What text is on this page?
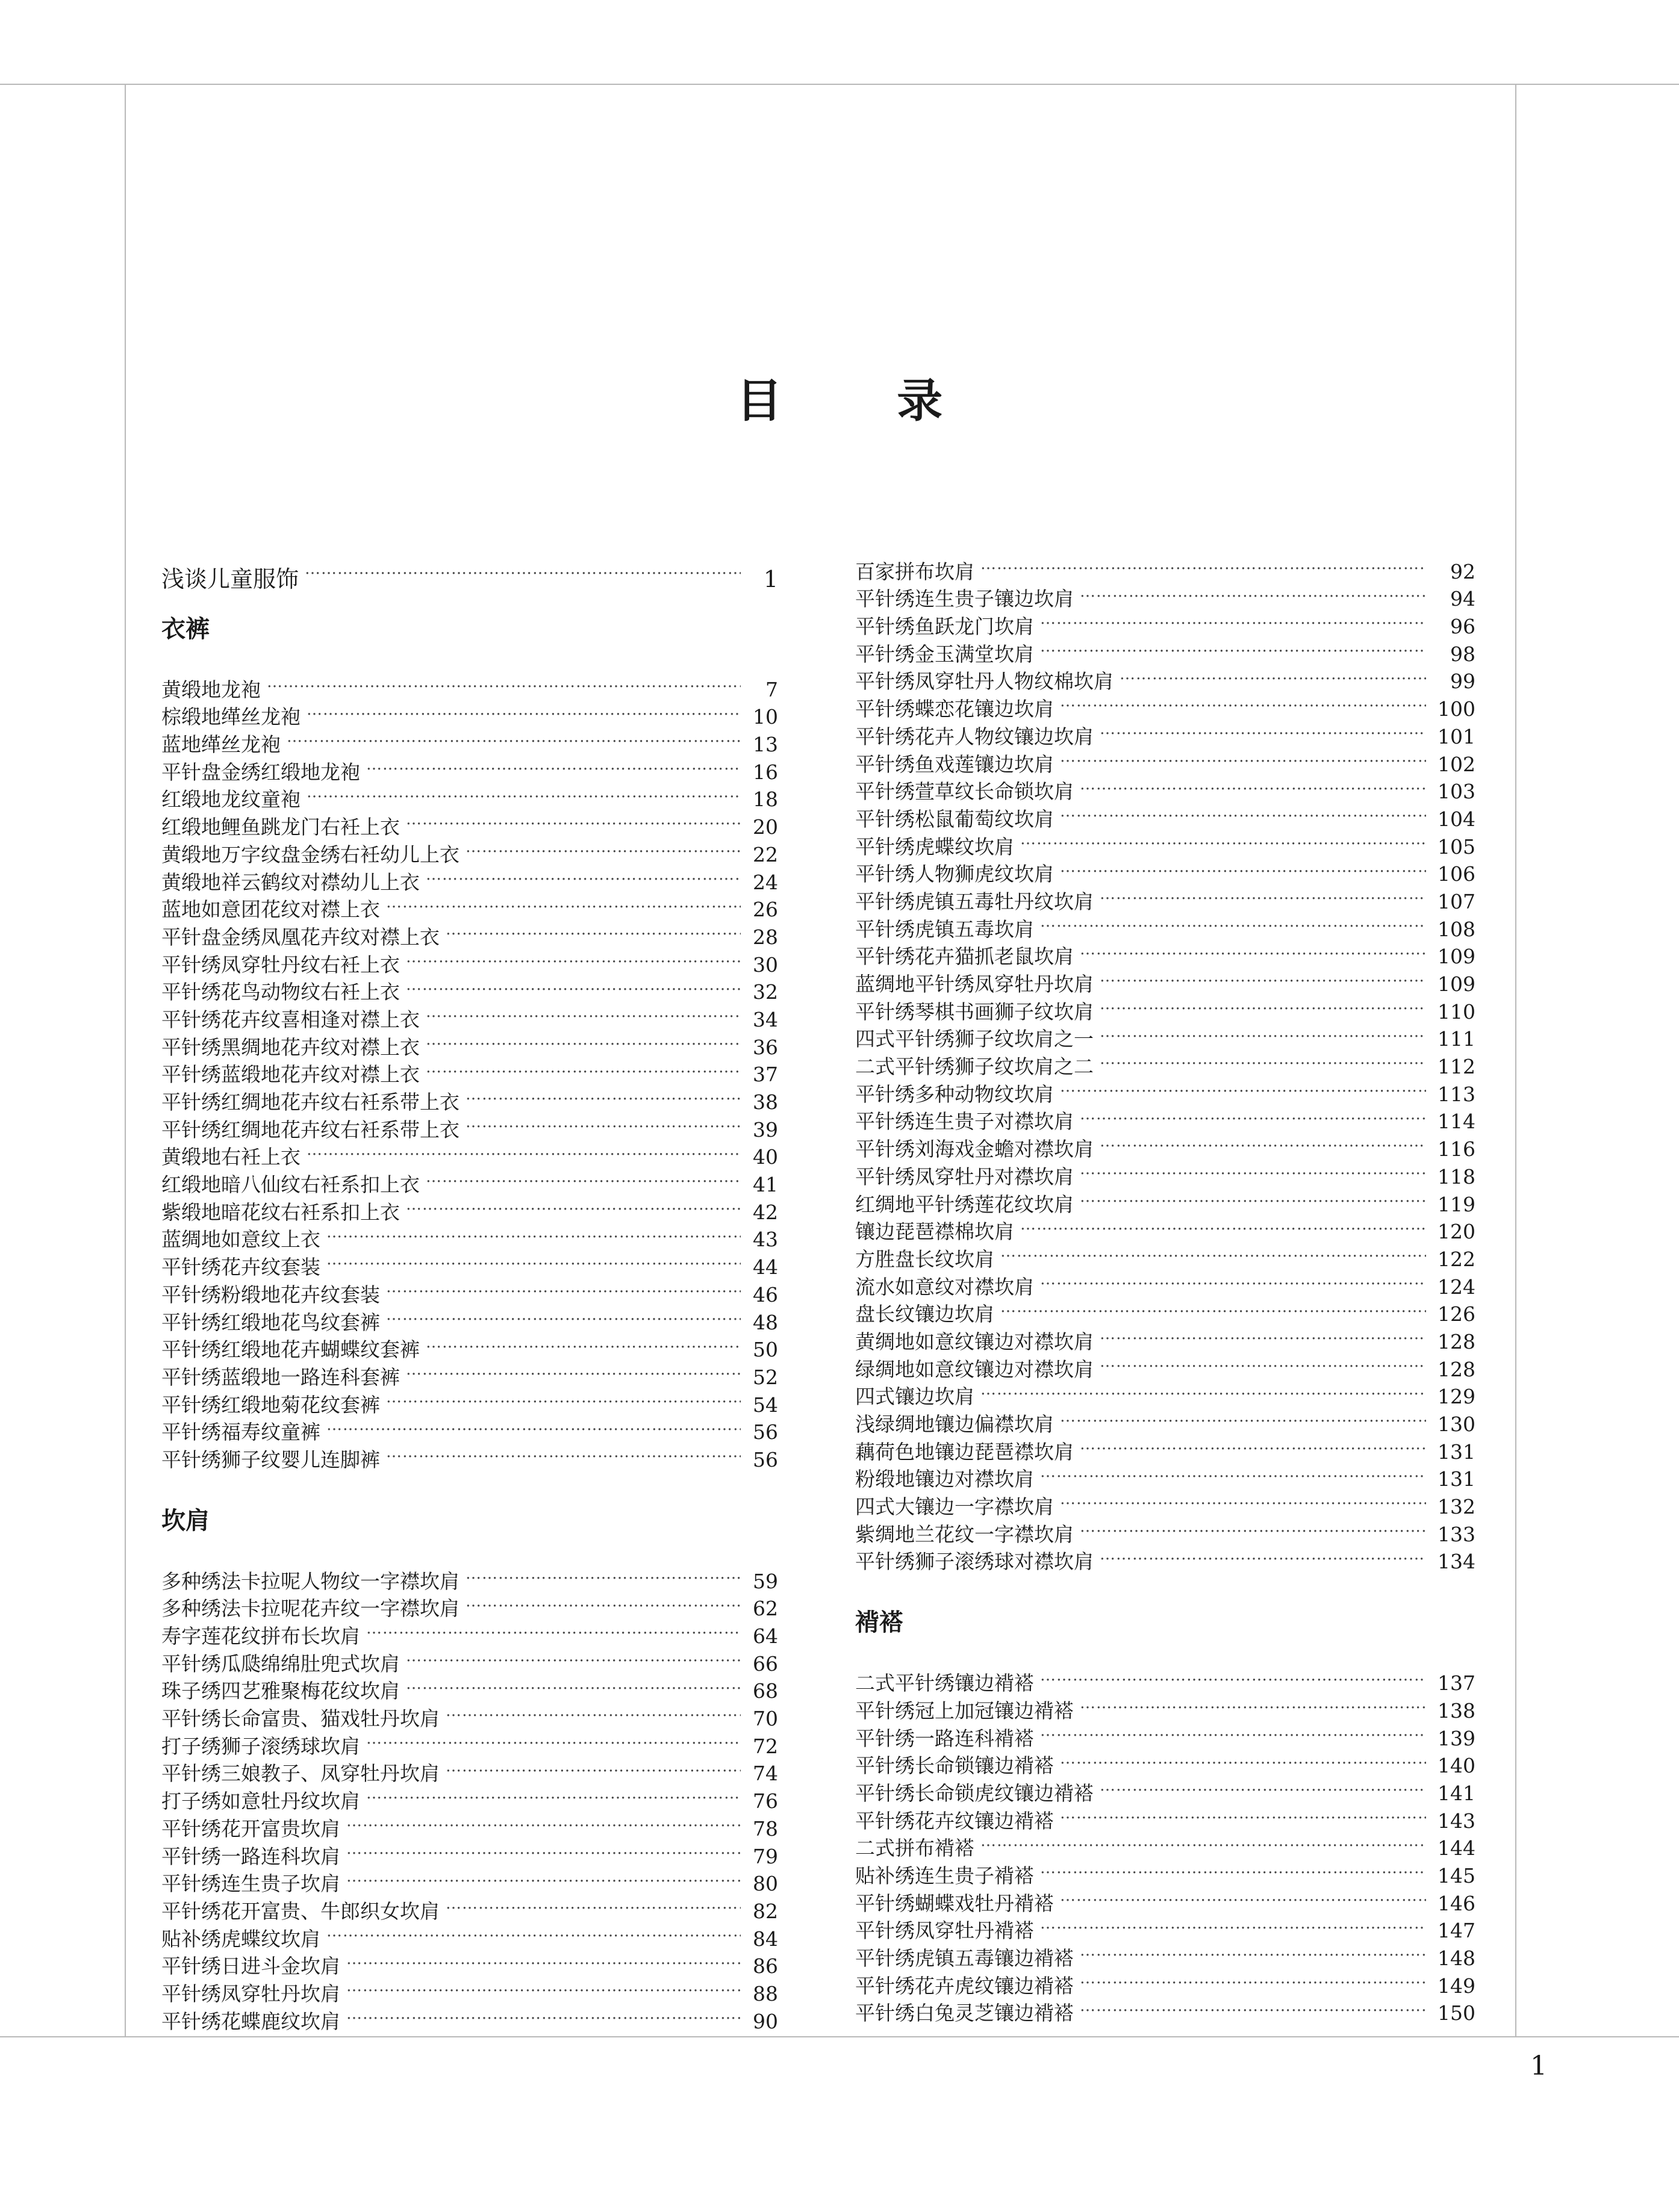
目 录
浅谈儿童服饰 …………………………………………………………………………………………………………………………………………………………………………	1
衣裤
黄缎地龙袍 …………………………………………………………………………………………………………………………………………………………………………	7
棕缎地缂丝龙袍 …………………………………………………………………………………………………………………………………………………………………………	10
蓝地缂丝龙袍 …………………………………………………………………………………………………………………………………………………………………………	13
平针盘金绣红缎地龙袍 …………………………………………………………………………………………………………………………………………………………………………	16
红缎地龙纹童袍 …………………………………………………………………………………………………………………………………………………………………………	18
红缎地鲤鱼跳龙门右衽上衣 …………………………………………………………………………………………………………………………………………………………………………	20
黄缎地万字纹盘金绣右衽幼儿上衣 …………………………………………………………………………………………………………………………………………………………………………	22
黄缎地祥云鹤纹对襟幼儿上衣 …………………………………………………………………………………………………………………………………………………………………………	24
蓝地如意团花纹对襟上衣 …………………………………………………………………………………………………………………………………………………………………………	26
平针盘金绣凤凰花卉纹对襟上衣 …………………………………………………………………………………………………………………………………………………………………………	28
平针绣凤穿牡丹纹右衽上衣 …………………………………………………………………………………………………………………………………………………………………………	30
平针绣花鸟动物纹右衽上衣 …………………………………………………………………………………………………………………………………………………………………………	32
平针绣花卉纹喜相逢对襟上衣 …………………………………………………………………………………………………………………………………………………………………………	34
平针绣黑绸地花卉纹对襟上衣 …………………………………………………………………………………………………………………………………………………………………………	36
平针绣蓝缎地花卉纹对襟上衣 …………………………………………………………………………………………………………………………………………………………………………	37
平针绣红绸地花卉纹右衽系带上衣 …………………………………………………………………………………………………………………………………………………………………………	38
平针绣红绸地花卉纹右衽系带上衣 …………………………………………………………………………………………………………………………………………………………………………	39
黄缎地右衽上衣 …………………………………………………………………………………………………………………………………………………………………………	40
红缎地暗八仙纹右衽系扣上衣 …………………………………………………………………………………………………………………………………………………………………………	41
紫缎地暗花纹右衽系扣上衣 …………………………………………………………………………………………………………………………………………………………………………	42
蓝绸地如意纹上衣 …………………………………………………………………………………………………………………………………………………………………………	43
平针绣花卉纹套装 …………………………………………………………………………………………………………………………………………………………………………	44
平针绣粉缎地花卉纹套装 …………………………………………………………………………………………………………………………………………………………………………	46
平针绣红缎地花鸟纹套裤 …………………………………………………………………………………………………………………………………………………………………………	48
平针绣红缎地花卉蝴蝶纹套裤 …………………………………………………………………………………………………………………………………………………………………………	50
平针绣蓝缎地一路连科套裤 …………………………………………………………………………………………………………………………………………………………………………	52
平针绣红缎地菊花纹套裤 …………………………………………………………………………………………………………………………………………………………………………	54
平针绣福寿纹童裤 …………………………………………………………………………………………………………………………………………………………………………	56
平针绣狮子纹婴儿连脚裤 …………………………………………………………………………………………………………………………………………………………………………	56
坎肩
多种绣法卡拉呢人物纹一字襟坎肩 …………………………………………………………………………………………………………………………………………………………………………	59
多种绣法卡拉呢花卉纹一字襟坎肩 …………………………………………………………………………………………………………………………………………………………………………	62
寿字莲花纹拼布长坎肩 …………………………………………………………………………………………………………………………………………………………………………	64
平针绣瓜瓞绵绵肚兜式坎肩 …………………………………………………………………………………………………………………………………………………………………………	66
珠子绣四艺雅聚梅花纹坎肩 …………………………………………………………………………………………………………………………………………………………………………	68
平针绣长命富贵、猫戏牡丹坎肩 …………………………………………………………………………………………………………………………………………………………………………	70
打子绣狮子滚绣球坎肩 …………………………………………………………………………………………………………………………………………………………………………	72
平针绣三娘教子、凤穿牡丹坎肩 …………………………………………………………………………………………………………………………………………………………………………	74
打子绣如意牡丹纹坎肩 …………………………………………………………………………………………………………………………………………………………………………	76
平针绣花开富贵坎肩 …………………………………………………………………………………………………………………………………………………………………………	78
平针绣一路连科坎肩 …………………………………………………………………………………………………………………………………………………………………………	79
平针绣连生贵子坎肩 …………………………………………………………………………………………………………………………………………………………………………	80
平针绣花开富贵、牛郎织女坎肩 …………………………………………………………………………………………………………………………………………………………………………	82
贴补绣虎蝶纹坎肩 …………………………………………………………………………………………………………………………………………………………………………	84
平针绣日进斗金坎肩 …………………………………………………………………………………………………………………………………………………………………………	86
平针绣凤穿牡丹坎肩 …………………………………………………………………………………………………………………………………………………………………………	88
平针绣花蝶鹿纹坎肩 …………………………………………………………………………………………………………………………………………………………………………	90
百家拼布坎肩 …………………………………………………………………………………………………………………………………………………………………………	92
平针绣连生贵子镶边坎肩 …………………………………………………………………………………………………………………………………………………………………………	94
平针绣鱼跃龙门坎肩 …………………………………………………………………………………………………………………………………………………………………………	96
平针绣金玉满堂坎肩 …………………………………………………………………………………………………………………………………………………………………………	98
平针绣凤穿牡丹人物纹棉坎肩 …………………………………………………………………………………………………………………………………………………………………………	99
平针绣蝶恋花镶边坎肩 …………………………………………………………………………………………………………………………………………………………………………	100
平针绣花卉人物纹镶边坎肩 …………………………………………………………………………………………………………………………………………………………………………	101
平针绣鱼戏莲镶边坎肩 …………………………………………………………………………………………………………………………………………………………………………	102
平针绣萱草纹长命锁坎肩 …………………………………………………………………………………………………………………………………………………………………………	103
平针绣松鼠葡萄纹坎肩 …………………………………………………………………………………………………………………………………………………………………………	104
平针绣虎蝶纹坎肩 …………………………………………………………………………………………………………………………………………………………………………	105
平针绣人物狮虎纹坎肩 …………………………………………………………………………………………………………………………………………………………………………	106
平针绣虎镇五毒牡丹纹坎肩 …………………………………………………………………………………………………………………………………………………………………………	107
平针绣虎镇五毒坎肩 …………………………………………………………………………………………………………………………………………………………………………	108
平针绣花卉猫抓老鼠坎肩 …………………………………………………………………………………………………………………………………………………………………………	109
蓝绸地平针绣凤穿牡丹坎肩 …………………………………………………………………………………………………………………………………………………………………………	109
平针绣琴棋书画狮子纹坎肩 …………………………………………………………………………………………………………………………………………………………………………	110
四式平针绣狮子纹坎肩之一 …………………………………………………………………………………………………………………………………………………………………………	111
二式平针绣狮子纹坎肩之二 …………………………………………………………………………………………………………………………………………………………………………	112
平针绣多种动物纹坎肩 …………………………………………………………………………………………………………………………………………………………………………	113
平针绣连生贵子对襟坎肩 …………………………………………………………………………………………………………………………………………………………………………	114
平针绣刘海戏金蟾对襟坎肩 …………………………………………………………………………………………………………………………………………………………………………	116
平针绣凤穿牡丹对襟坎肩 …………………………………………………………………………………………………………………………………………………………………………	118
红绸地平针绣莲花纹坎肩 …………………………………………………………………………………………………………………………………………………………………………	119
镶边琵琶襟棉坎肩 …………………………………………………………………………………………………………………………………………………………………………	120
方胜盘长纹坎肩 …………………………………………………………………………………………………………………………………………………………………………	122
流水如意纹对襟坎肩 …………………………………………………………………………………………………………………………………………………………………………	124
盘长纹镶边坎肩 …………………………………………………………………………………………………………………………………………………………………………	126
黄绸地如意纹镶边对襟坎肩 …………………………………………………………………………………………………………………………………………………………………………	128
绿绸地如意纹镶边对襟坎肩 …………………………………………………………………………………………………………………………………………………………………………	128
四式镶边坎肩 …………………………………………………………………………………………………………………………………………………………………………	129
浅绿绸地镶边偏襟坎肩 …………………………………………………………………………………………………………………………………………………………………………	130
藕荷色地镶边琵琶襟坎肩 …………………………………………………………………………………………………………………………………………………………………………	131
粉缎地镶边对襟坎肩 …………………………………………………………………………………………………………………………………………………………………………	131
四式大镶边一字襟坎肩 …………………………………………………………………………………………………………………………………………………………………………	132
紫绸地兰花纹一字襟坎肩 …………………………………………………………………………………………………………………………………………………………………………	133
平针绣狮子滚绣球对襟坎肩 …………………………………………………………………………………………………………………………………………………………………………	134
褙褡
二式平针绣镶边褙褡 …………………………………………………………………………………………………………………………………………………………………………	137
平针绣冠上加冠镶边褙褡 …………………………………………………………………………………………………………………………………………………………………………	138
平针绣一路连科褙褡 …………………………………………………………………………………………………………………………………………………………………………	139
平针绣长命锁镶边褙褡 …………………………………………………………………………………………………………………………………………………………………………	140
平针绣长命锁虎纹镶边褙褡 …………………………………………………………………………………………………………………………………………………………………………	141
平针绣花卉纹镶边褙褡 …………………………………………………………………………………………………………………………………………………………………………	143
二式拼布褙褡 …………………………………………………………………………………………………………………………………………………………………………	144
贴补绣连生贵子褙褡 …………………………………………………………………………………………………………………………………………………………………………	145
平针绣蝴蝶戏牡丹褙褡 …………………………………………………………………………………………………………………………………………………………………………	146
平针绣凤穿牡丹褙褡 …………………………………………………………………………………………………………………………………………………………………………	147
平针绣虎镇五毒镶边褙褡 …………………………………………………………………………………………………………………………………………………………………………	148
平针绣花卉虎纹镶边褙褡 …………………………………………………………………………………………………………………………………………………………………………	149
平针绣白兔灵芝镶边褙褡 …………………………………………………………………………………………………………………………………………………………………………	150
1
